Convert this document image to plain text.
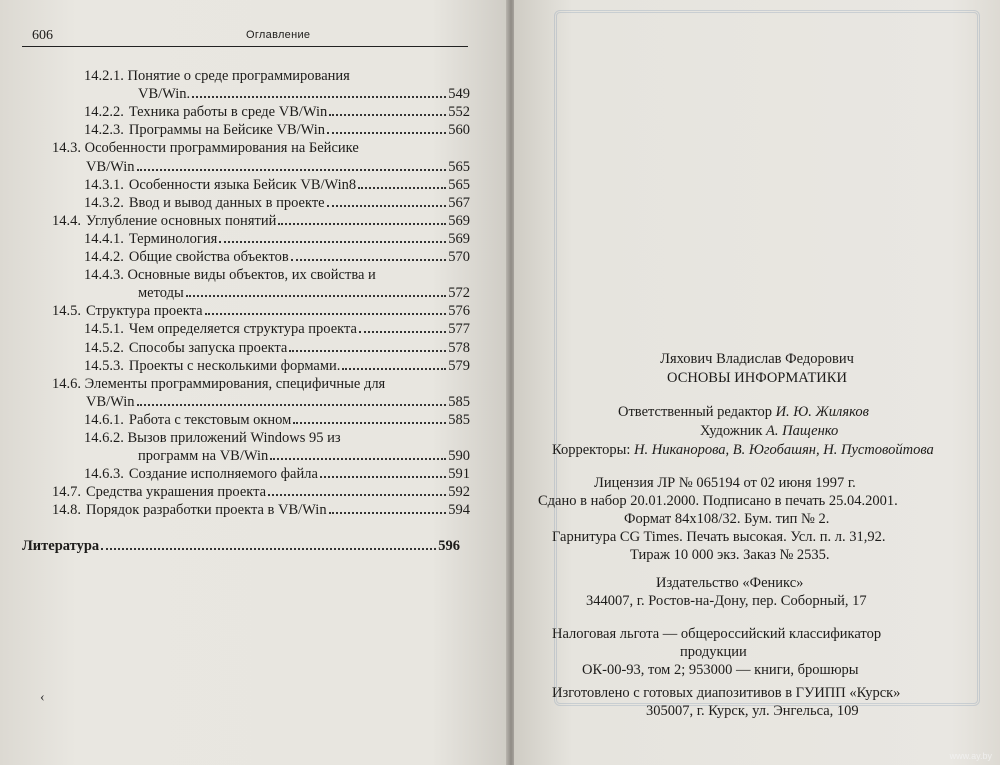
606	Оглавление
14.2.1. Понятие о среде программирования
VB/Win.	549
14.2.2. Техника работы в среде VB/Win	552
14.2.3. Программы на Бейсике VB/Win	560
14.3. Особенности программирования на Бейсике
VB/Win	565
14.3.1. Особенности языка Бейсик VB/Win8	565
14.3.2. Ввод и вывод данных в проекте	567
14.4. Углубление основных понятий	569
14.4.1. Терминология	569
14.4.2. Общие свойства объектов	570
14.4.3. Основные виды объектов, их свойства и
методы	572
14.5. Структура проекта	576
14.5.1. Чем определяется структура проекта	577
14.5.2. Способы запуска проекта	578
14.5.3. Проекты с несколькими формами.	579
14.6. Элементы программирования, специфичные для
VB/Win	585
14.6.1. Работа с текстовым окном	585
14.6.2. Вызов приложений Windows 95 из
программ на VB/Win	590
14.6.3. Создание исполняемого файла	591
14.7. Средства украшения проекта	592
14.8. Порядок разработки проекта в VB/Win	594
Литература	596
‹
Ляхович Владислав Федорович
ОСНОВЫ ИНФОРМАТИКИ
Ответственный редактор И. Ю. Жиляков
Художник А. Пащенко
Корректоры: Н. Никанорова, В. Югобашян, Н. Пустовойтова
Лицензия ЛР № 065194 от 02 июня 1997 г.
Сдано в набор 20.01.2000. Подписано в печать 25.04.2001.
Формат 84x108/32. Бум. тип № 2.
Гарнитура CG Times. Печать высокая. Усл. п. л. 31,92.
Тираж 10 000 экз. Заказ № 2535.
Издательство «Феникс»
344007, г. Ростов-на-Дону, пер. Соборный, 17
Налоговая льгота — общероссийский классификатор
продукции
ОК-00-93, том 2; 953000 — книги, брошюры
Изготовлено с готовых диапозитивов в ГУИПП «Курск»
305007, г. Курск, ул. Энгельса, 109
www.ay.by
